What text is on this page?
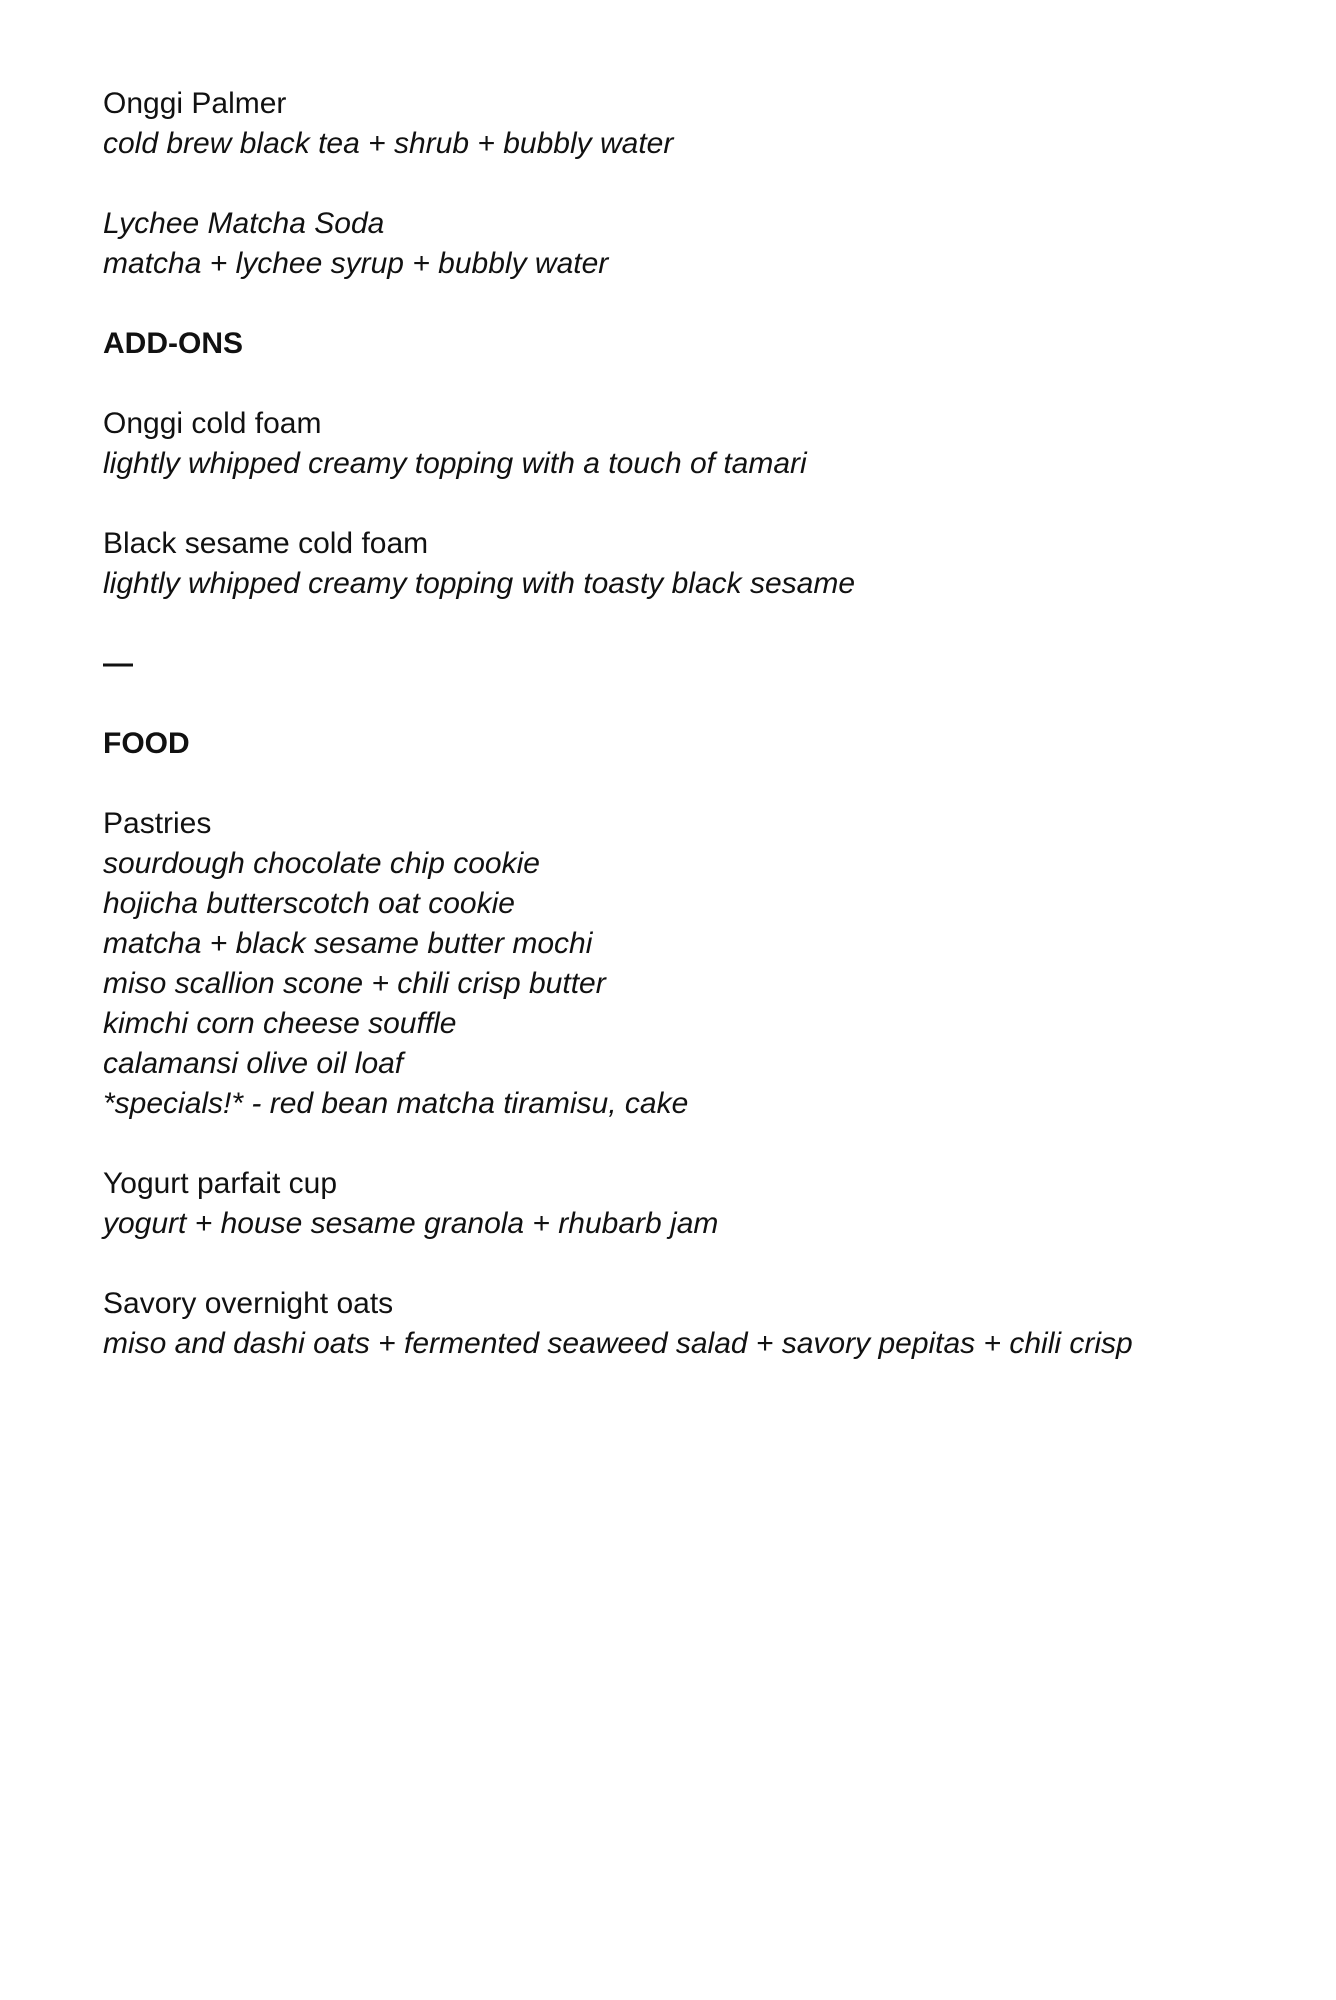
Onggi Palmer
cold brew black tea + shrub + bubbly water
Lychee Matcha Soda
matcha + lychee syrup + bubbly water
ADD-ONS
Onggi cold foam
lightly whipped creamy topping with a touch of tamari
Black sesame cold foam
lightly whipped creamy topping with toasty black sesame
—
FOOD
Pastries
sourdough chocolate chip cookie
hojicha butterscotch oat cookie
matcha + black sesame butter mochi
miso scallion scone + chili crisp butter
kimchi corn cheese souffle
calamansi olive oil loaf
*specials!* - red bean matcha tiramisu, cake
Yogurt parfait cup
yogurt + house sesame granola + rhubarb jam
Savory overnight oats
miso and dashi oats + fermented seaweed salad + savory pepitas + chili crisp
